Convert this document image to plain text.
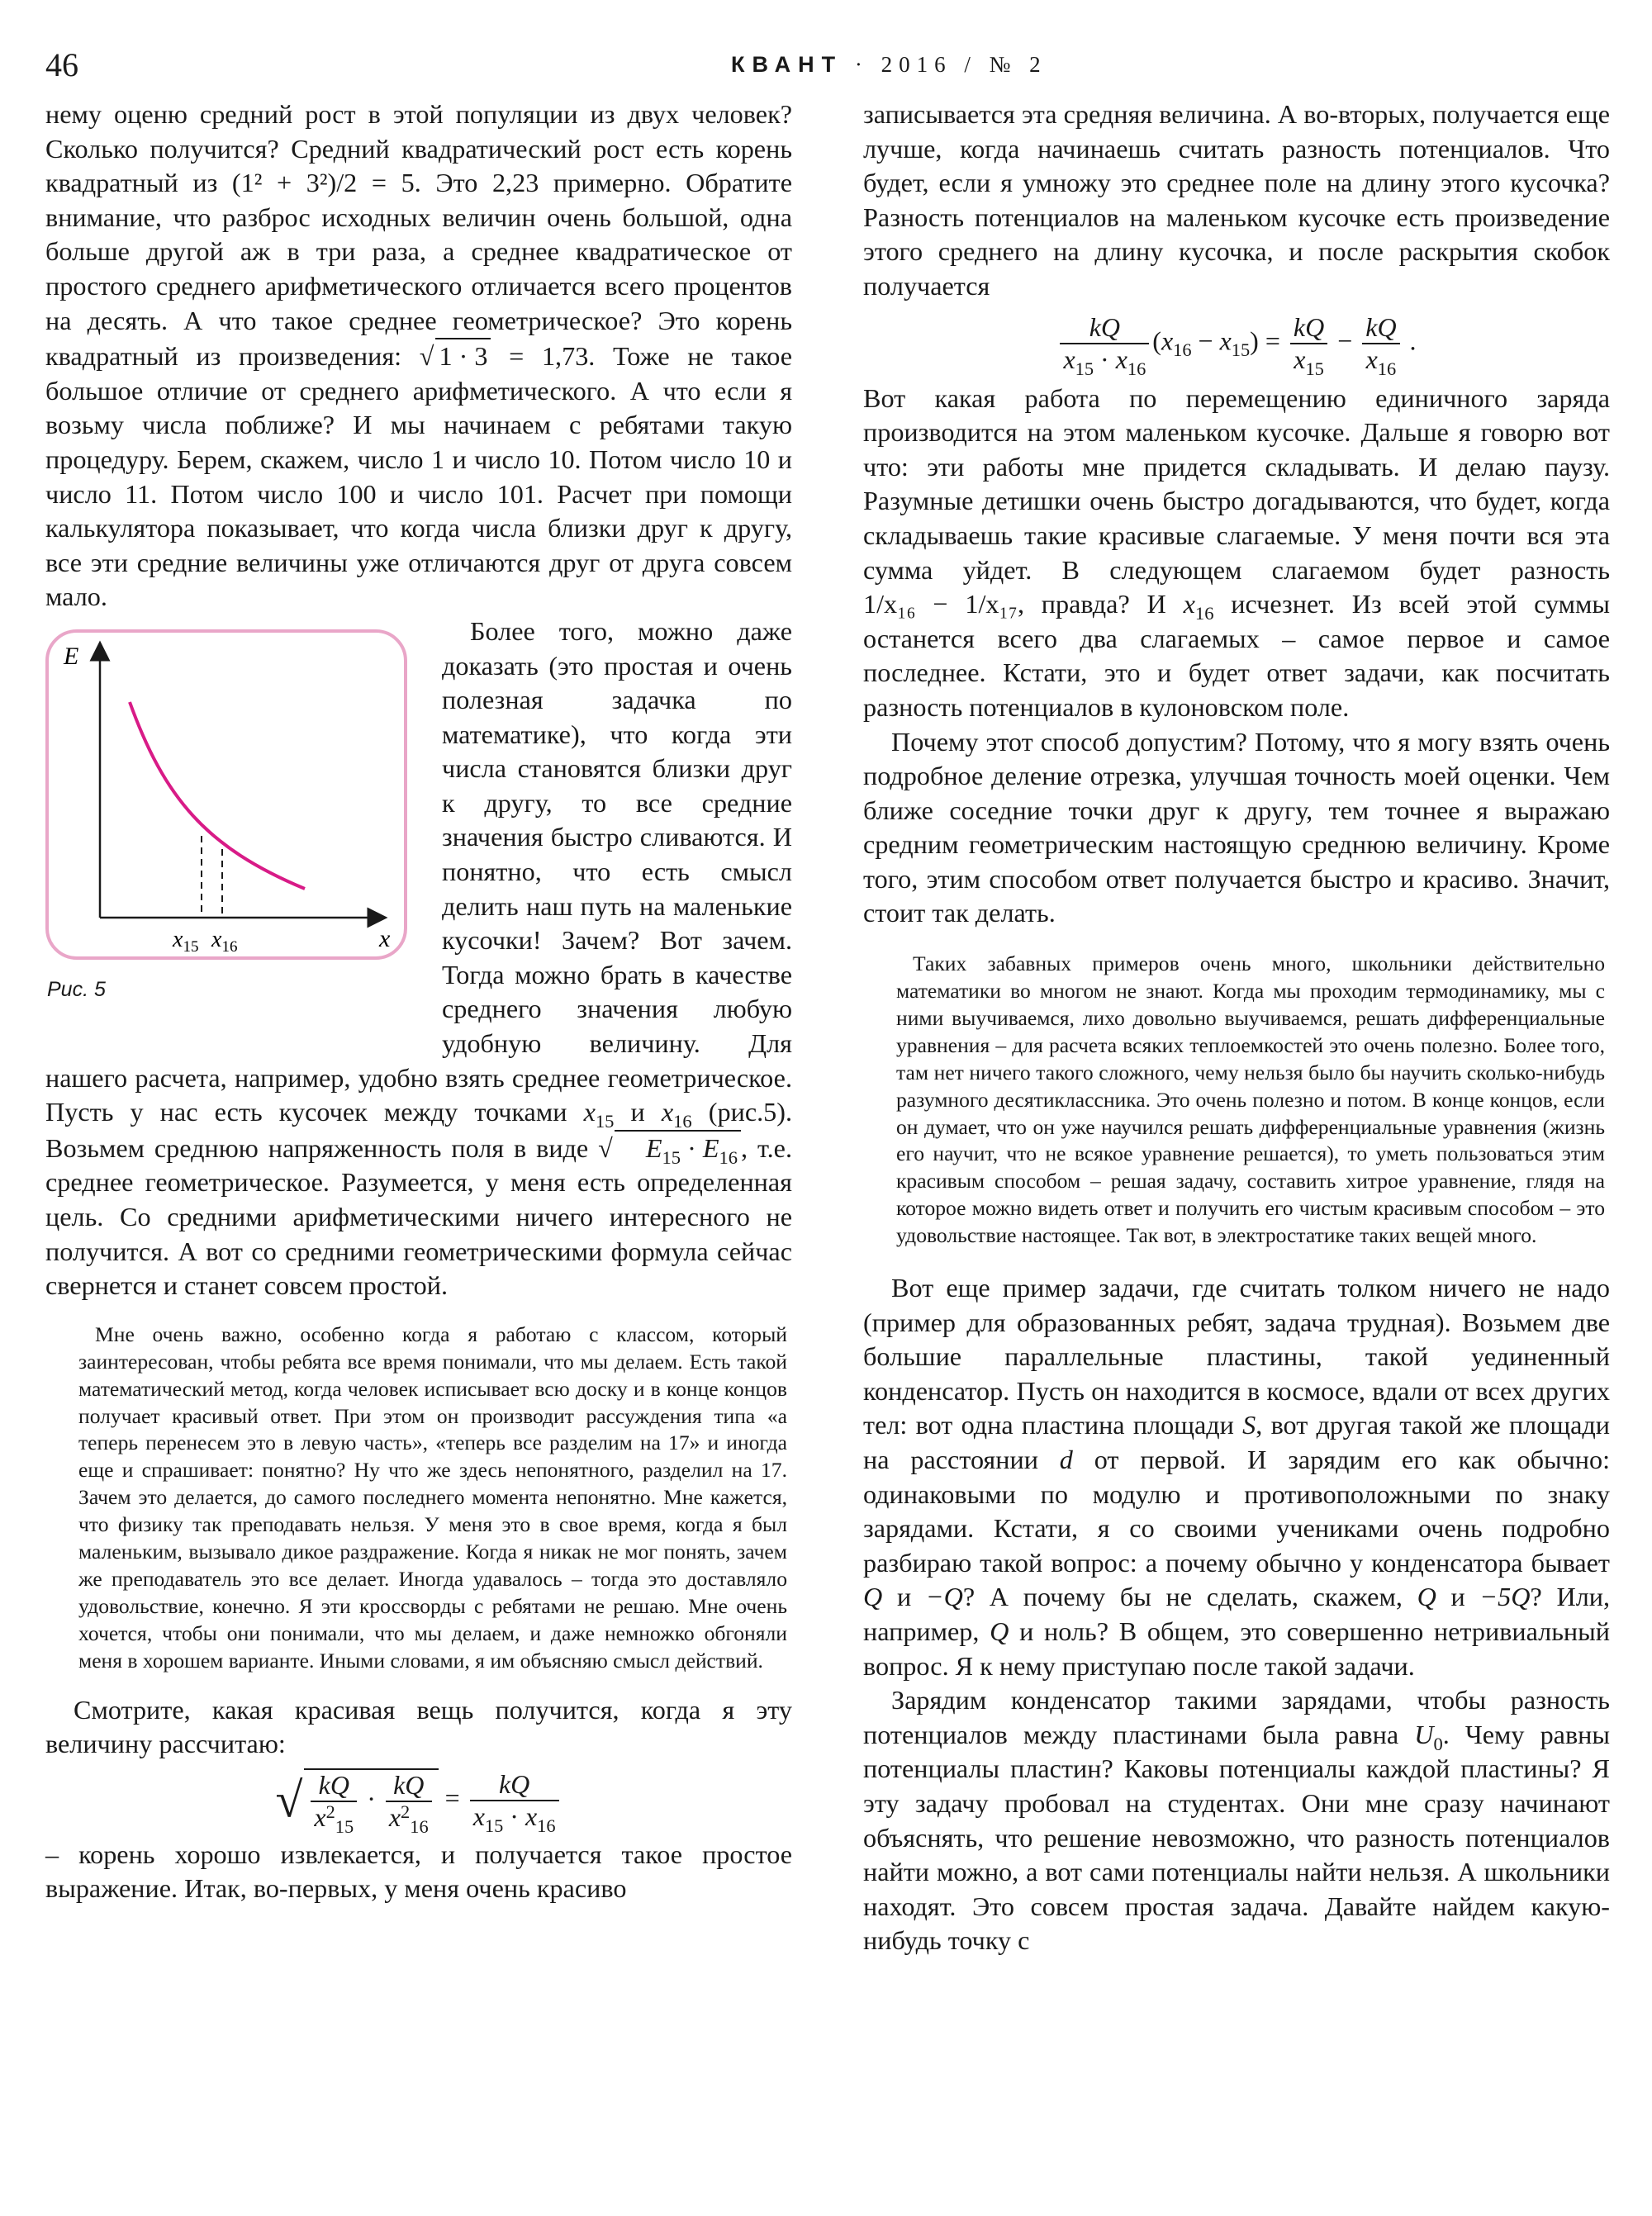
46	КВАНТ · 2016 / № 2

нему оценю средний рост в этой популяции из двух человек? Сколько получится? Средний квадратический рост есть корень квадратный из (1² + 3²)/2 = 5. Это 2,23 примерно. Обратите внимание, что разброс исходных величин очень большой, одна больше другой аж в три раза, а среднее квадратическое от простого среднего арифметического отличается всего процентов на десять. А что такое среднее геометрическое? Это корень квадратный из произведения: √ 1 · 3 = 1,73. Тоже не такое большое отличие от среднего арифметического. А что если я возьму числа поближе? И мы начинаем с ребятами такую процедуру. Берем, скажем, число 1 и число 10. Потом число 10 и число 11. Потом число 100 и число 101. Расчет при помощи калькулятора показывает, что когда числа близки друг к другу, все эти средние величины уже отличаются друг от друга совсем мало.

E
x
$x_{15}$ $x_{16}$
Рис. 5

Более того, можно даже доказать (это простая и очень полезная задачка по математике), что когда эти числа становятся близки друг к другу, то все средние значения быстро сливаются. И понятно, что есть смысл делить наш путь на маленькие кусочки! Зачем? Вот зачем. Тогда можно брать в качестве среднего значения любую удобную величину. Для нашего расчета, например, удобно взять среднее геометрическое. Пусть у нас есть кусочек между точками $x_{15}$ и $x_{16}$ (рис.5). Возьмем среднюю напряженность поля в виде √ $E_{15} \cdot E_{16}$ , т.е. среднее геометрическое. Разумеется, у меня есть определенная цель. Со средними арифметическими ничего интересного не получится. А вот со средними геометрическими формула сейчас свернется и станет совсем простой.

Мне очень важно, особенно когда я работаю с классом, который заинтересован, чтобы ребята все время понимали, что мы делаем. Есть такой математический метод, когда человек исписывает всю доску и в конце концов получает красивый ответ. При этом он производит рассуждения типа «а теперь перенесем это в левую часть», «теперь все разделим на 17» и иногда еще и спрашивает: понятно? Ну что же здесь непонятного, разделил на 17. Зачем это делается, до самого последнего момента непонятно. Мне кажется, что физику так преподавать нельзя. У меня это в свое время, когда я был маленьким, вызывало дикое раздражение. Когда я никак не мог понять, зачем же преподаватель это все делает. Иногда удавалось – тогда это доставляло удовольствие, конечно. Я эти кроссворды с ребятами не решаю. Мне очень хочется, чтобы они понимали, что мы делаем, и даже немножко обгоняли меня в хорошем варианте. Иными словами, я им объясняю смысл действий.

Смотрите, какая красивая вещь получится, когда я эту величину рассчитаю:

√ $\frac{kQ}{x^2_{15}} \cdot \frac{kQ}{x^2_{16}} = \frac{kQ}{x_{15} \cdot x_{16}}$

– корень хорошо извлекается, и получается такое простое выражение. Итак, во-первых, у меня очень красиво

записывается эта средняя величина. А во-вторых, получается еще лучше, когда начинаешь считать разность потенциалов. Что будет, если я умножу это среднее поле на длину этого кусочка? Разность потенциалов на маленьком кусочке есть произведение этого среднего на длину кусочка, и после раскрытия скобок получается

$\frac{kQ}{x_{15} \cdot x_{16}} (x_{16} - x_{15}) = \frac{kQ}{x_{15}} - \frac{kQ}{x_{16}}$ .

Вот какая работа по перемещению единичного заряда производится на этом маленьком кусочке. Дальше я говорю вот что: эти работы мне придется складывать. И делаю паузу. Разумные детишки очень быстро догадываются, что будет, когда складываешь такие красивые слагаемые. У меня почти вся эта сумма уйдет. В следующем слагаемом будет разность 1/x₁₆ − 1/x₁₇, правда? И $x_{16}$ исчезнет. Из всей этой суммы останется всего два слагаемых – самое первое и самое последнее. Кстати, это и будет ответ задачи, как посчитать разность потенциалов в кулоновском поле.

Почему этот способ допустим? Потому, что я могу взять очень подробное деление отрезка, улучшая точность моей оценки. Чем ближе соседние точки друг к другу, тем точнее я выражаю средним геометрическим настоящую среднюю величину. Кроме того, этим способом ответ получается быстро и красиво. Значит, стоит так делать.

Таких забавных примеров очень много, школьники действительно математики во многом не знают. Когда мы проходим термодинамику, мы с ними выучиваемся, лихо довольно выучиваемся, решать дифференциальные уравнения – для расчета всяких теплоемкостей это очень полезно. Более того, там нет ничего такого сложного, чему нельзя было бы научить сколько-нибудь разумного десятиклассника. Это очень полезно и потом. В конце концов, если он думает, что он уже научился решать дифференциальные уравнения (жизнь его научит, что не всякое уравнение решается), то уметь пользоваться этим красивым способом – решая задачу, составить хитрое уравнение, глядя на которое можно видеть ответ и получить его чистым красивым способом – это удовольствие настоящее. Так вот, в электростатике таких вещей много.

Вот еще пример задачи, где считать толком ничего не надо (пример для образованных ребят, задача трудная). Возьмем две большие параллельные пластины, такой уединенный конденсатор. Пусть он находится в космосе, вдали от всех других тел: вот одна пластина площади S, вот другая такой же площади на расстоянии d от первой. И зарядим его как обычно: одинаковыми по модулю и противоположными по знаку зарядами. Кстати, я со своими учениками очень подробно разбираю такой вопрос: а почему обычно у конденсатора бывает Q и −Q? А почему бы не сделать, скажем, Q и −5Q? Или, например, Q и ноль? В общем, это совершенно нетривиальный вопрос. Я к нему приступаю после такой задачи.

Зарядим конденсатор такими зарядами, чтобы разность потенциалов между пластинами была равна $U_0$. Чему равны потенциалы пластин? Каковы потенциалы каждой пластины? Я эту задачу пробовал на студентах. Они мне сразу начинают объяснять, что решение невозможно, что разность потенциалов найти можно, а вот сами потенциалы найти нельзя. А школьники находят. Это совсем простая задача. Давайте найдем какую-нибудь точку с
